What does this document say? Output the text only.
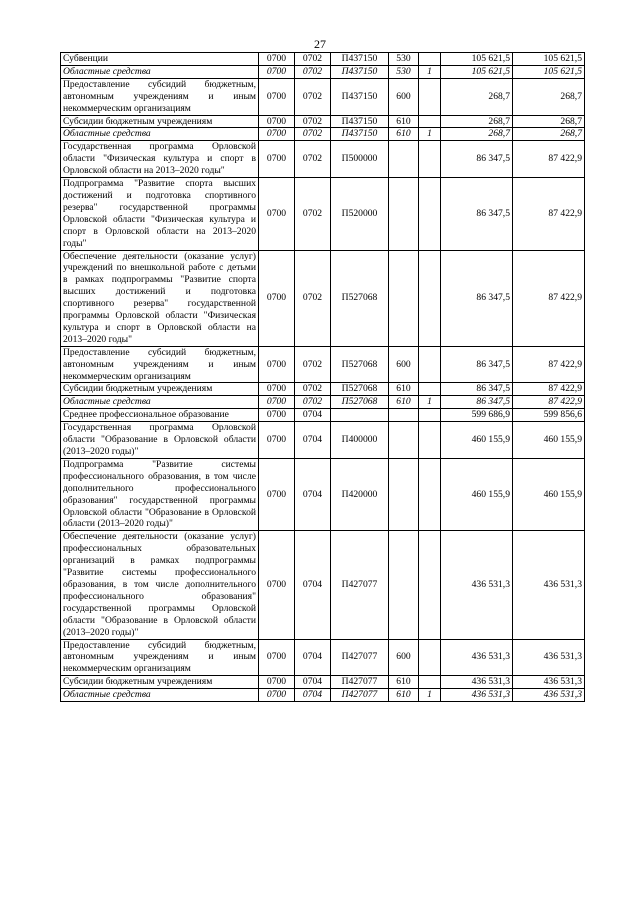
27
Субвенции	0700	0702	П437150	530		105 621,5	105 621,5
Областные средства	0700	0702	П437150	530	1	105 621,5	105 621,5
Предоставление субсидий бюджетным, автономным учреждениям и иным некоммерческим организациям	0700	0702	П437150	600		268,7	268,7
Субсидии бюджетным учреждениям	0700	0702	П437150	610		268,7	268,7
Областные средства	0700	0702	П437150	610	1	268,7	268,7
Государственная программа Орловской области "Физическая культура и спорт в Орловской области на 2013–2020 годы"	0700	0702	П500000			86 347,5	87 422,9
Подпрограмма "Развитие спорта высших достижений и подготовка спортивного резерва" государственной программы Орловской области "Физическая культура и спорт в Орловской области на 2013–2020 годы"	0700	0702	П520000			86 347,5	87 422,9
Обеспечение деятельности (оказание услуг) учреждений по внешкольной работе с детьми в рамках подпрограммы "Развитие спорта высших достижений и подготовка спортивного резерва" государственной программы Орловской области "Физическая культура и спорт в Орловской области на 2013–2020 годы"	0700	0702	П527068			86 347,5	87 422,9
Предоставление субсидий бюджетным, автономным учреждениям и иным некоммерческим организациям	0700	0702	П527068	600		86 347,5	87 422,9
Субсидии бюджетным учреждениям	0700	0702	П527068	610		86 347,5	87 422,9
Областные средства	0700	0702	П527068	610	1	86 347,5	87 422,9
Среднее профессиональное образование	0700	0704				599 686,9	599 856,6
Государственная программа Орловской области "Образование в Орловской области (2013–2020 годы)"	0700	0704	П400000			460 155,9	460 155,9
Подпрограмма "Развитие системы профессионального образования, в том числе дополнительного профессионального образования" государственной программы Орловской области "Образование в Орловской области (2013–2020 годы)"	0700	0704	П420000			460 155,9	460 155,9
Обеспечение деятельности (оказание услуг) профессиональных образовательных организаций в рамках подпрограммы "Развитие системы профессионального образования, в том числе дополнительного профессионального образования" государственной программы Орловской области "Образование в Орловской области (2013–2020 годы)"	0700	0704	П427077			436 531,3	436 531,3
Предоставление субсидий бюджетным, автономным учреждениям и иным некоммерческим организациям	0700	0704	П427077	600		436 531,3	436 531,3
Субсидии бюджетным учреждениям	0700	0704	П427077	610		436 531,3	436 531,3
Областные средства	0700	0704	П427077	610	1	436 531,3	436 531,3
